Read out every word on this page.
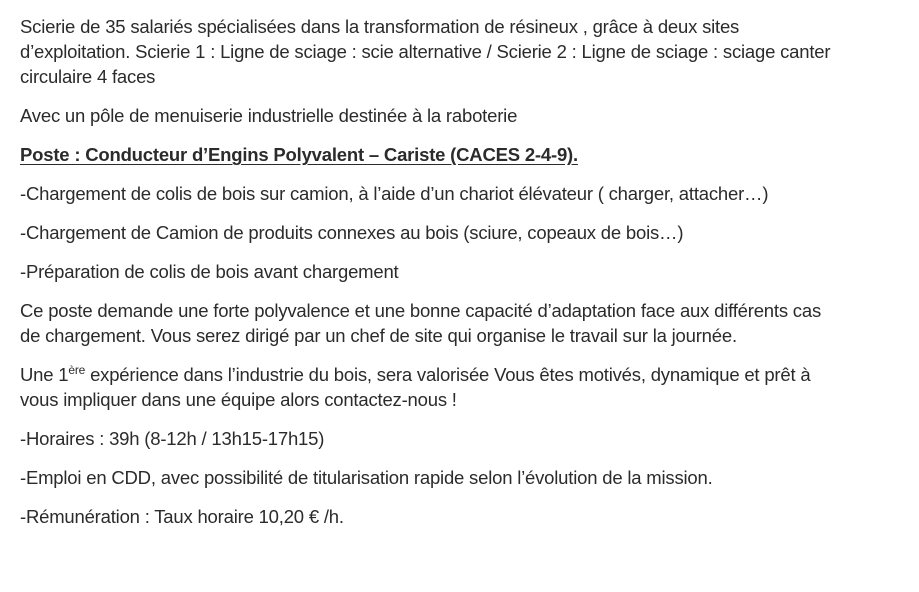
Scierie de 35 salariés spécialisées dans la transformation de résineux , grâce à deux sites
d’exploitation. Scierie 1 : Ligne de sciage : scie alternative / Scierie 2 : Ligne de sciage : sciage canter
circulaire 4 faces
Avec un pôle de menuiserie industrielle destinée à la raboterie
Poste : Conducteur d’Engins Polyvalent – Cariste (CACES 2-4-9).
-Chargement de colis de bois sur camion, à l’aide d’un chariot élévateur ( charger, attacher…)
-Chargement de Camion de produits connexes au bois (sciure, copeaux de bois…)
-Préparation de colis de bois avant chargement
Ce poste demande une forte polyvalence et une bonne capacité d’adaptation face aux différents cas
de chargement. Vous serez dirigé par un chef de site qui organise le travail sur la journée.
Une 1ère expérience dans l’industrie du bois, sera valorisée Vous êtes motivés, dynamique et prêt à
vous impliquer dans une équipe alors contactez-nous !
-Horaires : 39h (8-12h / 13h15-17h15)
-Emploi en CDD, avec possibilité de titularisation rapide selon l’évolution de la mission.
-Rémunération : Taux horaire 10,20 € /h.
